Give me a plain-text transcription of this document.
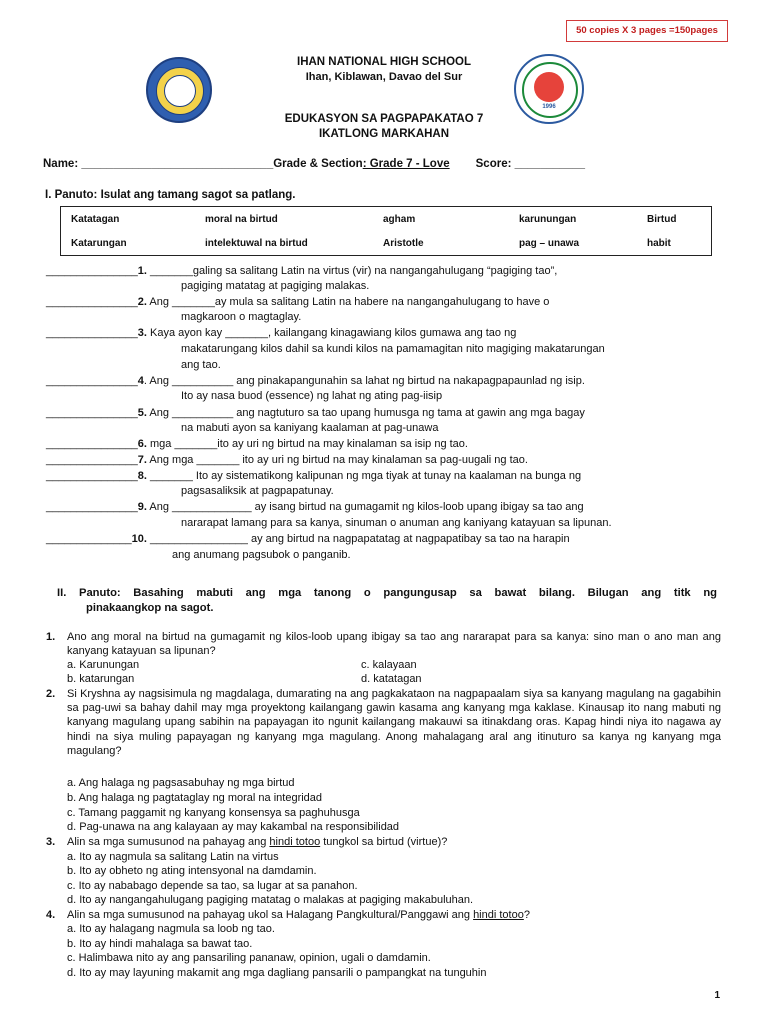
50 copies X 3 pages =150pages
1996
IHAN NATIONAL HIGH SCHOOL
Ihan, Kiblawan, Davao del Sur
EDUKASYON SA PAGPAPAKATAO 7
IKATLONG MARKAHAN
Name: ______________________________Grade & Section: Grade 7 - Love Score: ___________
I. Panuto: Isulat ang tamang sagot sa patlang.
Katatagan	moral na birtud	agham	karunungan	Birtud
Katarungan	intelektuwal na birtud	Aristotle	pag – unawa	habit
_______________1. _______galing sa salitang Latin na virtus (vir) na nangangahulugang “pagiging tao”,
pagiging matatag at pagiging malakas.
_______________2. Ang _______ay mula sa salitang Latin na habere na nangangahulugang to have o
magkaroon o magtaglay.
_______________3. Kaya ayon kay _______, kailangang kinagawiang kilos gumawa ang tao ng
makatarungang kilos dahil sa kundi kilos na pamamagitan nito magiging makatarungan
ang tao.
_______________4. Ang __________ ang pinakapangunahin sa lahat ng birtud na nakapagpapaunlad ng isip.
Ito ay nasa buod (essence) ng lahat ng ating pag-iisip
_______________5. Ang __________ ang nagtuturo sa tao upang humusga ng tama at gawin ang mga bagay
na mabuti ayon sa kaniyang kaalaman at pag-unawa
_______________6. mga _______ito ay uri ng birtud na may kinalaman sa isip ng tao.
_______________7. Ang mga _______ ito ay uri ng birtud na may kinalaman sa pag-uugali ng tao.
_______________8. _______ Ito ay sistematikong kalipunan ng mga tiyak at tunay na kaalaman na bunga ng
pagsasaliksik at pagpapatunay.
_______________9. Ang _____________ ay isang birtud na gumagamit ng kilos-loob upang ibigay sa tao ang
nararapat lamang para sa kanya, sinuman o anuman ang kaniyang katayuan sa lipunan.
______________10. ________________ ay ang birtud na nagpapatatag at nagpapatibay sa tao na harapin
ang anumang pagsubok o panganib.
II. Panuto: Basahing mabuti ang mga tanong o pangungusap sa bawat bilang. Bilugan ang titk ng
pinakaangkop na sagot.
1. Ano ang moral na birtud na gumagamit ng kilos-loob upang ibigay sa tao ang nararapat para sa kanya: sino man o ano man ang kanyang katayuan sa lipunan?
a. Karunungan	c. kalayaan
b. katarungan	d. katatagan
2. Si Kryshna ay nagsisimula ng magdalaga, dumarating na ang pagkakataon na nagpapaalam siya sa kanyang magulang na gagabihin sa pag-uwi sa bahay dahil may mga proyektong kailangang gawin kasama ang kanyang mga kaklase. Kinausap ito nang mabuti ng kanyang magulang upang sabihin na papayagan ito ngunit kailangang makauwi sa itinakdang oras. Kapag hindi niya ito nagawa ay hindi na siya muling papayagan ng kanyang mga magulang. Anong mahalagang aral ang itinuturo sa kanya ng kanyang mga magulang?
a. Ang halaga ng pagsasabuhay ng mga birtud
b. Ang halaga ng pagtataglay ng moral na integridad
c. Tamang paggamit ng kanyang konsensya sa paghuhusga
d. Pag-unawa na ang kalayaan ay may kakambal na responsibilidad
3. Alin sa mga sumusunod na pahayag ang hindi totoo tungkol sa birtud (virtue)?
a. Ito ay nagmula sa salitang Latin na virtus
b. Ito ay obheto ng ating intensyonal na damdamin.
c. Ito ay nababago depende sa tao, sa lugar at sa panahon.
d. Ito ay nangangahulugang pagiging matatag o malakas at pagiging makabuluhan.
4. Alin sa mga sumusunod na pahayag ukol sa Halagang Pangkultural/Panggawi ang hindi totoo?
a. Ito ay halagang nagmula sa loob ng tao.
b. Ito ay hindi mahalaga sa bawat tao.
c. Halimbawa nito ay ang pansariling pananaw, opinion, ugali o damdamin.
d. Ito ay may layuning makamit ang mga dagliang pansarili o pampangkat na tunguhin
1
